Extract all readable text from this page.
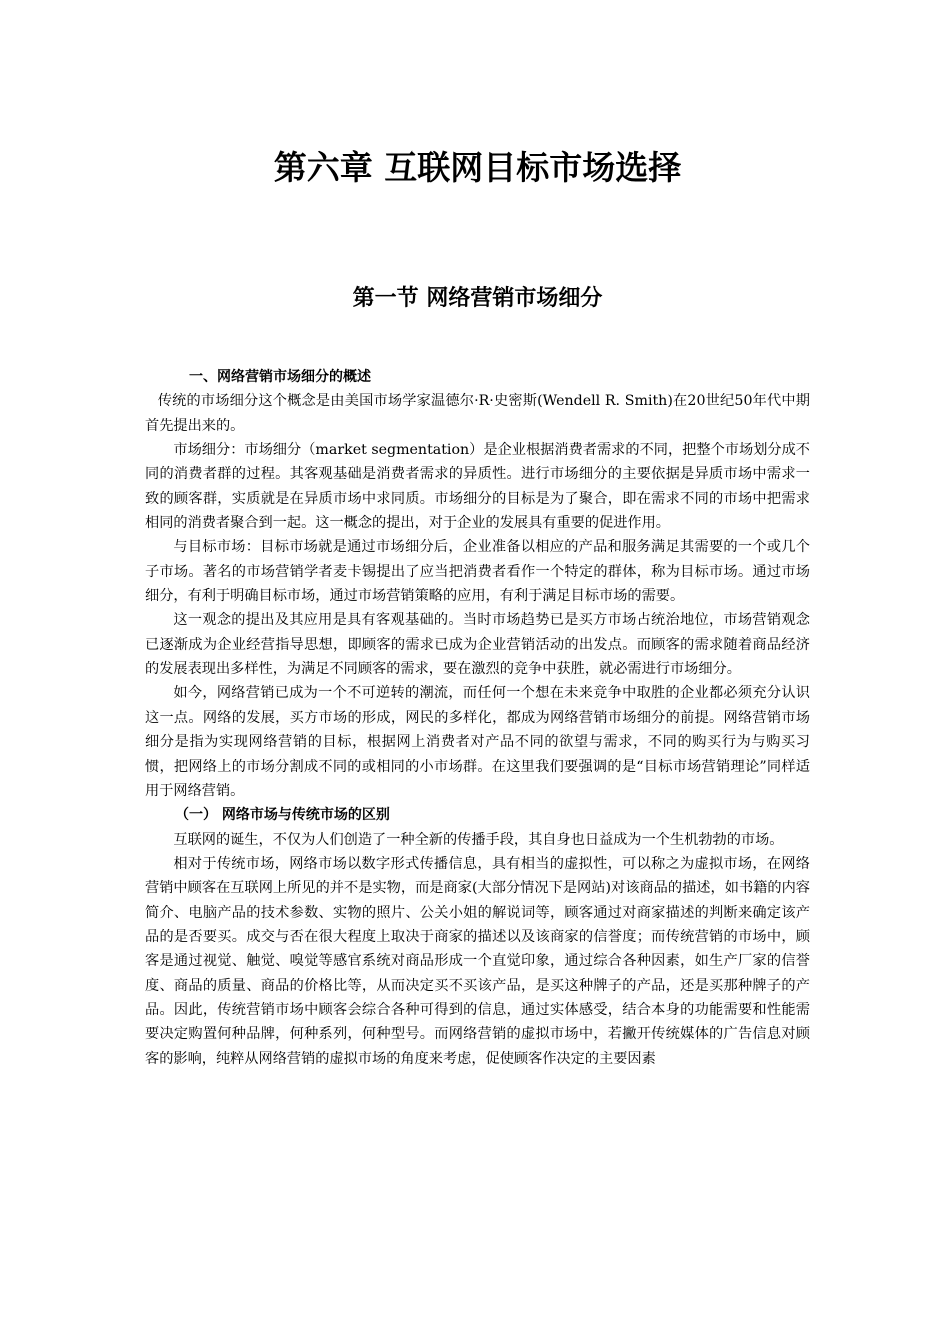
第六章 互联网目标市场选择
第一节 网络营销市场细分
一、网络营销市场细分的概述

传统的市场细分这个概念是由美国市场学家温德尔·R·史密斯(Wendell R. Smith)在20世纪50年代中期首先提出来的。

市场细分：市场细分（market segmentation）是企业根据消费者需求的不同，把整个市场划分成不同的消费者群的过程。其客观基础是消费者需求的异质性。进行市场细分的主要依据是异质市场中需求一致的顾客群，实质就是在异质市场中求同质。市场细分的目标是为了聚合，即在需求不同的市场中把需求相同的消费者聚合到一起。这一概念的提出，对于企业的发展具有重要的促进作用。

与目标市场：目标市场就是通过市场细分后，企业准备以相应的产品和服务满足其需要的一个或几个子市场。著名的市场营销学者麦卡锡提出了应当把消费者看作一个特定的群体，称为目标市场。通过市场细分，有利于明确目标市场，通过市场营销策略的应用，有利于满足目标市场的需要。

这一观念的提出及其应用是具有客观基础的。当时市场趋势已是买方市场占统治地位，市场营销观念已逐渐成为企业经营指导思想，即顾客的需求已成为企业营销活动的出发点。而顾客的需求随着商品经济的发展表现出多样性，为满足不同顾客的需求，要在激烈的竞争中获胜，就必需进行市场细分。

如今，网络营销已成为一个不可逆转的潮流，而任何一个想在未来竞争中取胜的企业都必须充分认识这一点。网络的发展，买方市场的形成，网民的多样化，都成为网络营销市场细分的前提。网络营销市场细分是指为实现网络营销的目标，根据网上消费者对产品不同的欲望与需求，不同的购买行为与购买习惯，把网络上的市场分割成不同的或相同的小市场群。在这里我们要强调的是“目标市场营销理论”同样适用于网络营销。

（一） 网络市场与传统市场的区别

互联网的诞生，不仅为人们创造了一种全新的传播手段，其自身也日益成为一个生机勃勃的市场。

相对于传统市场，网络市场以数字形式传播信息，具有相当的虚拟性，可以称之为虚拟市场，在网络营销中顾客在互联网上所见的并不是实物，而是商家(大部分情况下是网站)对该商品的描述，如书籍的内容简介、电脑产品的技术参数、实物的照片、公关小姐的解说词等，顾客通过对商家描述的判断来确定该产品的是否要买。成交与否在很大程度上取决于商家的描述以及该商家的信誉度；而传统营销的市场中，顾客是通过视觉、触觉、嗅觉等感官系统对商品形成一个直觉印象，通过综合各种因素，如生产厂家的信誉度、商品的质量、商品的价格比等，从而决定买不买该产品，是买这种牌子的产品，还是买那种牌子的产品。因此，传统营销市场中顾客会综合各种可得到的信息，通过实体感受，结合本身的功能需要和性能需要决定购置何种品牌，何种系列，何种型号。而网络营销的虚拟市场中，若撇开传统媒体的广告信息对顾客的影响，纯粹从网络营销的虚拟市场的角度来考虑，促使顾客作决定的主要因素
